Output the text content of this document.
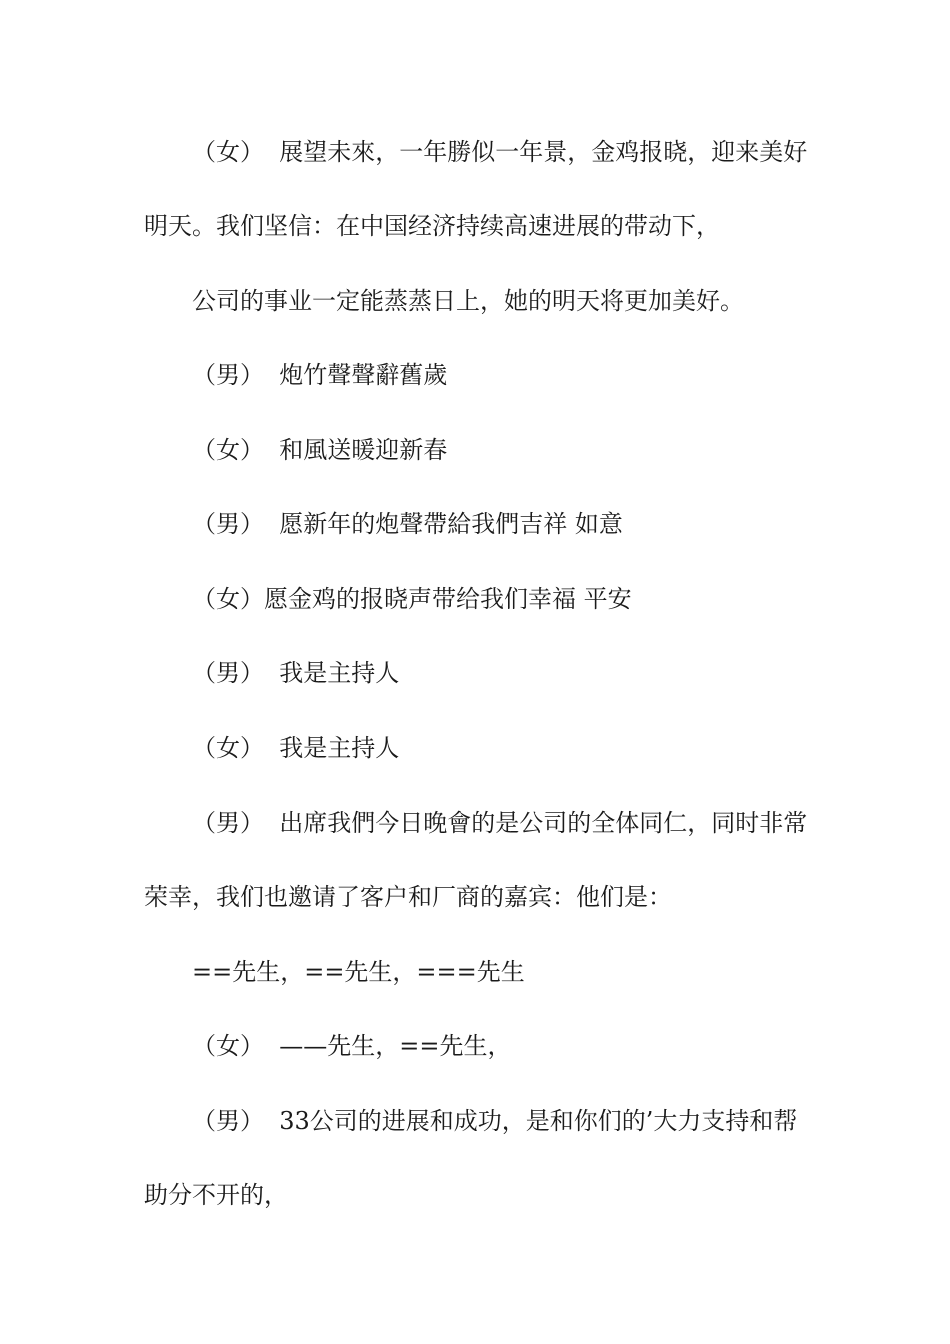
（女）  展望未來，一年勝似一年景，金鸡报晓，迎来美好
明天。我们坚信：在中国经济持续高速进展的带动下，
公司的事业一定能蒸蒸日上，她的明天将更加美好。
（男）  炮竹聲聲辭舊歲
（女）  和風送暖迎新春
（男）  愿新年的炮聲帶給我們吉祥 如意
（女）愿金鸡的报晓声带给我们幸福 平安
（男）  我是主持人
（女）  我是主持人
（男）  出席我們今日晚會的是公司的全体同仁，同时非常
荣幸，我们也邀请了客户和厂商的嘉宾：他们是：
==先生，==先生，===先生
（女）  ——先生，==先生，
（男）  33公司的进展和成功，是和你们的’大力支持和帮
助分不开的，
